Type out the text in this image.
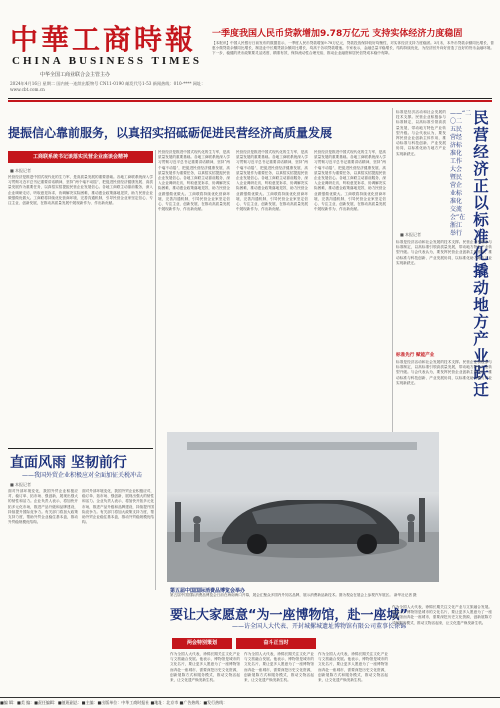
中華工商時報
CHINA BUSINESS TIMES
中华全国工商业联合会主管主办
2024年4月16日 星期二 国内统一连续出版物号 CN11-0190 邮发代号1-53 新闻热线：010-**** 网址：www.cbt.com.cn
一季度我国人民币贷款增加9.78万亿元 支持实体经济力度稳固
【本报讯】中国人民银行日前发布的数据显示，一季度人民币贷款增加9.78万亿元，贷款投放保持较好均衡性，对实体经济支持力度稳固。3月末，本外币贷款余额同比增长，普惠小微贷款余额同比增长，制造业中长期贷款余额同比增长，均高于各项贷款增速。专家表示，金融总量平稳增长，结构持续优化，为经济回升向好营造了良好的货币金融环境。下一步，稳健的货币政策要灵活适度、精准有效，保持流动性合理充裕，推动企业融资和居民信贷成本稳中有降。
提振信心靠前服务，以真招实招砥砺促进民营经济高质量发展
工商联系统书记谈落实民营企业座谈会精神
■ 本报记者
民营经济是推进中国式现代化的生力军，是高质量发展的重要基础。各地工商联系统深入学习贯彻习近平总书记重要讲话精神，坚持“两个毫不动摇”，把促进民营经济健康发展、高质量发展作为重要任务，以真招实招提振民营企业发展信心。各地工商联主动靠前服务，深入企业调研走访，听取意见诉求，协调解决实际困难，推动惠企政策落地见效，助力民营企业做强做优做大。工商联将持续优化营商环境，完善沟通机制，引导民营企业家坚定信心、专注主业、创新发展，在推动高质量发展中展现新作为、作出新贡献。
民营经济是推进中国式现代化的生力军，是高质量发展的重要基础。各地工商联系统深入学习贯彻习近平总书记重要讲话精神，坚持“两个毫不动摇”，把促进民营经济健康发展、高质量发展作为重要任务，以真招实招提振民营企业发展信心。各地工商联主动靠前服务，深入企业调研走访，听取意见诉求，协调解决实际困难，推动惠企政策落地见效，助力民营企业做强做优做大。工商联将持续优化营商环境，完善沟通机制，引导民营企业家坚定信心、专注主业、创新发展，在推动高质量发展中展现新作为、作出新贡献。
民营经济是推进中国式现代化的生力军，是高质量发展的重要基础。各地工商联系统深入学习贯彻习近平总书记重要讲话精神，坚持“两个毫不动摇”，把促进民营经济健康发展、高质量发展作为重要任务，以真招实招提振民营企业发展信心。各地工商联主动靠前服务，深入企业调研走访，听取意见诉求，协调解决实际困难，推动惠企政策落地见效，助力民营企业做强做优做大。工商联将持续优化营商环境，完善沟通机制，引导民营企业家坚定信心、专注主业、创新发展，在推动高质量发展中展现新作为、作出新贡献。
民营经济是推进中国式现代化的生力军，是高质量发展的重要基础。各地工商联系统深入学习贯彻习近平总书记重要讲话精神，坚持“两个毫不动摇”，把促进民营经济健康发展、高质量发展作为重要任务，以真招实招提振民营企业发展信心。各地工商联主动靠前服务，深入企业调研走访，听取意见诉求，协调解决实际困难，推动惠企政策落地见效，助力民营企业做强做优做大。工商联将持续优化营商环境，完善沟通机制，引导民营企业家坚定信心、专注主业、创新发展，在推动高质量发展中展现新作为、作出新贡献。
民营经济正以标准化撬动地方产业跃迁
——“二〇二五民营经济标准化工作大会暨民营企业标准化交流会”在浙江举行
标准是经济活动和社会发展的技术支撑。民营企业积极参与标准制定，以高标准引领高质量发展，带动地方特色产业转型升级。与会代表认为，要发挥民营企业创新主体作用，推动标准与科技创新、产业发展协同，以标准化助力地方产业实现新跃迁。
■ 本报记者
标准先行 赋能产业
标准是经济活动和社会发展的技术支撑。民营企业积极参与标准制定，以高标准引领高质量发展，带动地方特色产业转型升级。与会代表认为，要发挥民营企业创新主体作用，推动标准与科技创新、产业发展协同，以标准化助力地方产业实现新跃迁。
标准是经济活动和社会发展的技术支撑。民营企业积极参与标准制定，以高标准引领高质量发展，带动地方特色产业转型升级。与会代表认为，要发挥民营企业创新主体作用，推动标准与科技创新、产业发展协同，以标准化助力地方产业实现新跃迁。
直面风雨 坚韧前行
——我国外贸企业积极应对全面加征关税冲击
■ 本报记者
面对外部环境变化，我国外贸企业积极应对，稳订单、拓市场、强创新，展现出强大的韧性和活力。企业负责人表示，将加快开拓多元化市场，推进产品升级和品牌建设，持续提升国际竞争力。有关部门将加大政策支持力度，帮助外贸企业稳住基本盘，推动外贸稳规模优结构。
面对外部环境变化，我国外贸企业积极应对，稳订单、拓市场、强创新，展现出强大的韧性和活力。企业负责人表示，将加快开拓多元化市场，推进产品升级和品牌建设，持续提升国际竞争力。有关部门将加大政策支持力度，帮助外贸企业稳住基本盘，推动外贸稳规模优结构。
第五届中国国际消费品博览会举办
第五届中国国际消费品博览会日前在海南海口开幕，展会汇聚众多国内外知名品牌，展示消费新品新技术。图为观众在展会上参观汽车展区。 新华社记者 摄
要让大家愿意“为一座博物馆，赴一座城”
——访全国人大代表、开封城摞城遗址博物馆有限公司董事长徐锦
两会特别策划	奋斗正当时
作为全国人大代表，徐锦长期关注文化产业与文旅融合发展。他表示，博物馆是城市的文化名片，要让更多人愿意为了一座博物馆而奔赴一座城市，需要深挖历史文化资源，创新展陈方式和服务模式，推动文物活起来，让文化遗产焕发新生机。
作为全国人大代表，徐锦长期关注文化产业与文旅融合发展。他表示，博物馆是城市的文化名片，要让更多人愿意为了一座博物馆而奔赴一座城市，需要深挖历史文化资源，创新展陈方式和服务模式，推动文物活起来，让文化遗产焕发新生机。
作为全国人大代表，徐锦长期关注文化产业与文旅融合发展。他表示，博物馆是城市的文化名片，要让更多人愿意为了一座博物馆而奔赴一座城市，需要深挖历史文化资源，创新展陈方式和服务模式，推动文物活起来，让文化遗产焕发新生机。
作为全国人大代表，徐锦长期关注文化产业与文旅融合发展。他表示，博物馆是城市的文化名片，要让更多人愿意为了一座博物馆而奔赴一座城市，需要深挖历史文化资源，创新展陈方式和服务模式，推动文物活起来，让文化遗产焕发新生机。
■编 辑：■美 编：■责任编辑：■值班副总：■主编：■出版单位：中华工商时报社 ■地址：北京市 ■广告热线：■发行热线：
